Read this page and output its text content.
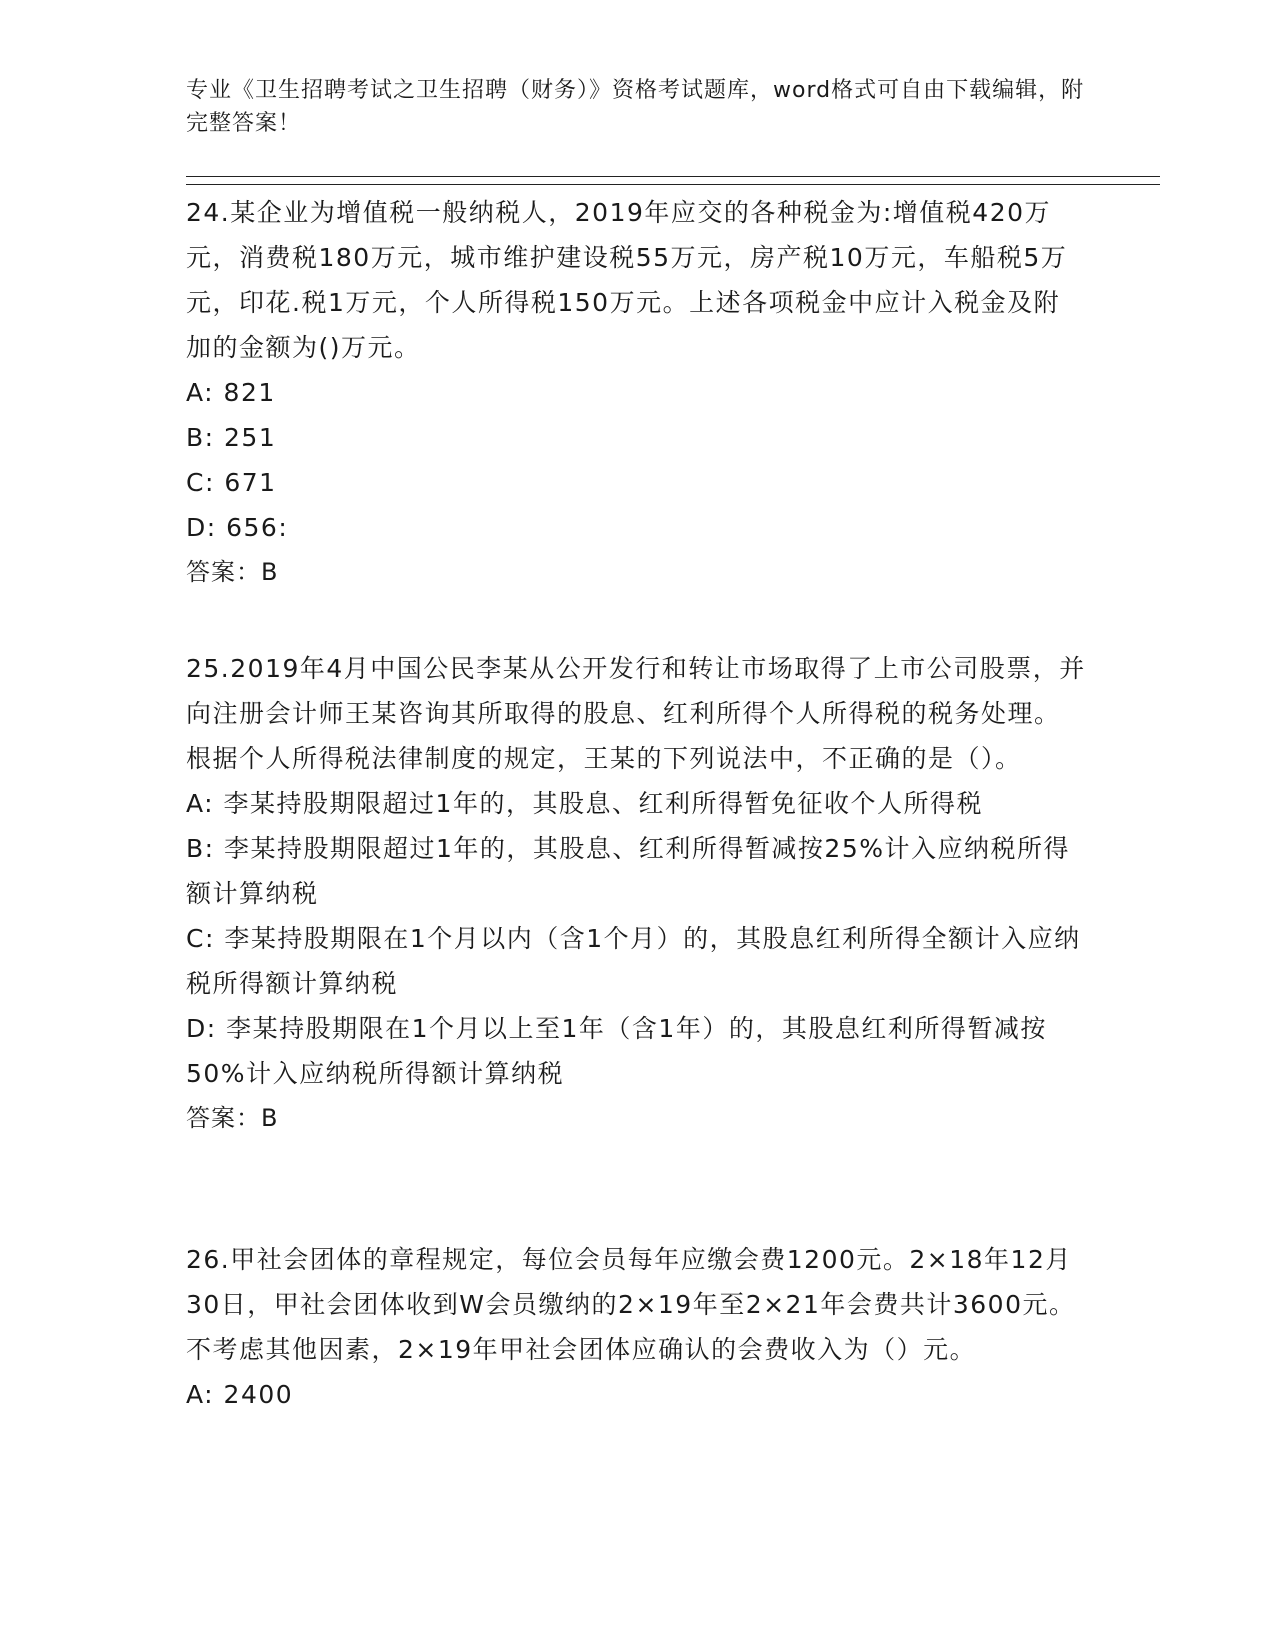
专业《卫生招聘考试之卫生招聘（财务）》资格考试题库，word格式可自由下载编辑，附完整答案！

24.某企业为增值税一般纳税人，2019年应交的各种税金为:增值税420万元，消费税180万元，城市维护建设税55万元，房产税10万元，车船税5万元，印花.税1万元，个人所得税150万元。上述各项税金中应计入税金及附加的金额为()万元。

A: 821

B: 251

C: 671

D: 656:

答案：B

25.2019年4月中国公民李某从公开发行和转让市场取得了上市公司股票，并向注册会计师王某咨询其所取得的股息、红利所得个人所得税的税务处理。根据个人所得税法律制度的规定，王某的下列说法中，不正确的是（）。

A: 李某持股期限超过1年的，其股息、红利所得暂免征收个人所得税

B: 李某持股期限超过1年的，其股息、红利所得暂减按25%计入应纳税所得额计算纳税

C: 李某持股期限在1个月以内（含1个月）的，其股息红利所得全额计入应纳税所得额计算纳税

D: 李某持股期限在1个月以上至1年（含1年）的，其股息红利所得暂减按50%计入应纳税所得额计算纳税

答案：B

26.甲社会团体的章程规定，每位会员每年应缴会费1200元。2×18年12月30日，甲社会团体收到W会员缴纳的2×19年至2×21年会费共计3600元。不考虑其他因素，2×19年甲社会团体应确认的会费收入为（）元。

A: 2400
